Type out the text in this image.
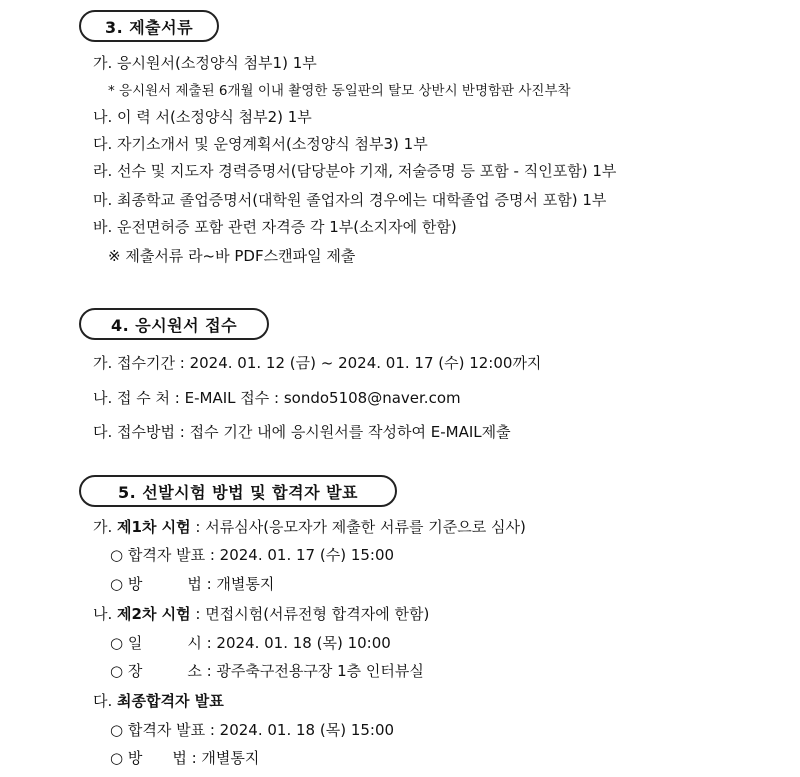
3. 제출서류
가. 응시원서(소정양식 첨부1) 1부
* 응시원서 제출된 6개월 이내 촬영한 동일판의 탈모 상반시 반명함판 사진부착
나. 이 력 서(소정양식 첨부2) 1부
다. 자기소개서 및 운영계획서(소정양식 첨부3) 1부
라. 선수 및 지도자 경력증명서(담당분야 기재, 저술증명 등 포함 - 직인포함) 1부
마. 최종학교 졸업증명서(대학원 졸업자의 경우에는 대학졸업 증명서 포함) 1부
바. 운전면허증 포함 관련 자격증 각 1부(소지자에 한함)
※ 제출서류 라~바 PDF스캔파일 제출
4. 응시원서 접수
가. 접수기간 : 2024. 01. 12 (금) ~ 2024. 01. 17 (수) 12:00까지
나. 접 수 처 : E-MAIL 접수 : sondo5108@naver.com
다. 접수방법 : 접수 기간 내에 응시원서를 작성하여 E-MAIL제출
5. 선발시험 방법 및 합격자 발표
가. 제1차 시험 : 서류심사(응모자가 제출한 서류를 기준으로 심사)
○ 합격자 발표 : 2024. 01. 17 (수) 15:00
○ 방　　　법 : 개별통지
나. 제2차 시험 : 면접시험(서류전형 합격자에 한함)
○ 일　　　시 : 2024. 01. 18 (목) 10:00
○ 장　　　소 : 광주축구전용구장 1층 인터뷰실
다. 최종합격자 발표
○ 합격자 발표 : 2024. 01. 18 (목) 15:00
○ 방　　법 : 개별통지
